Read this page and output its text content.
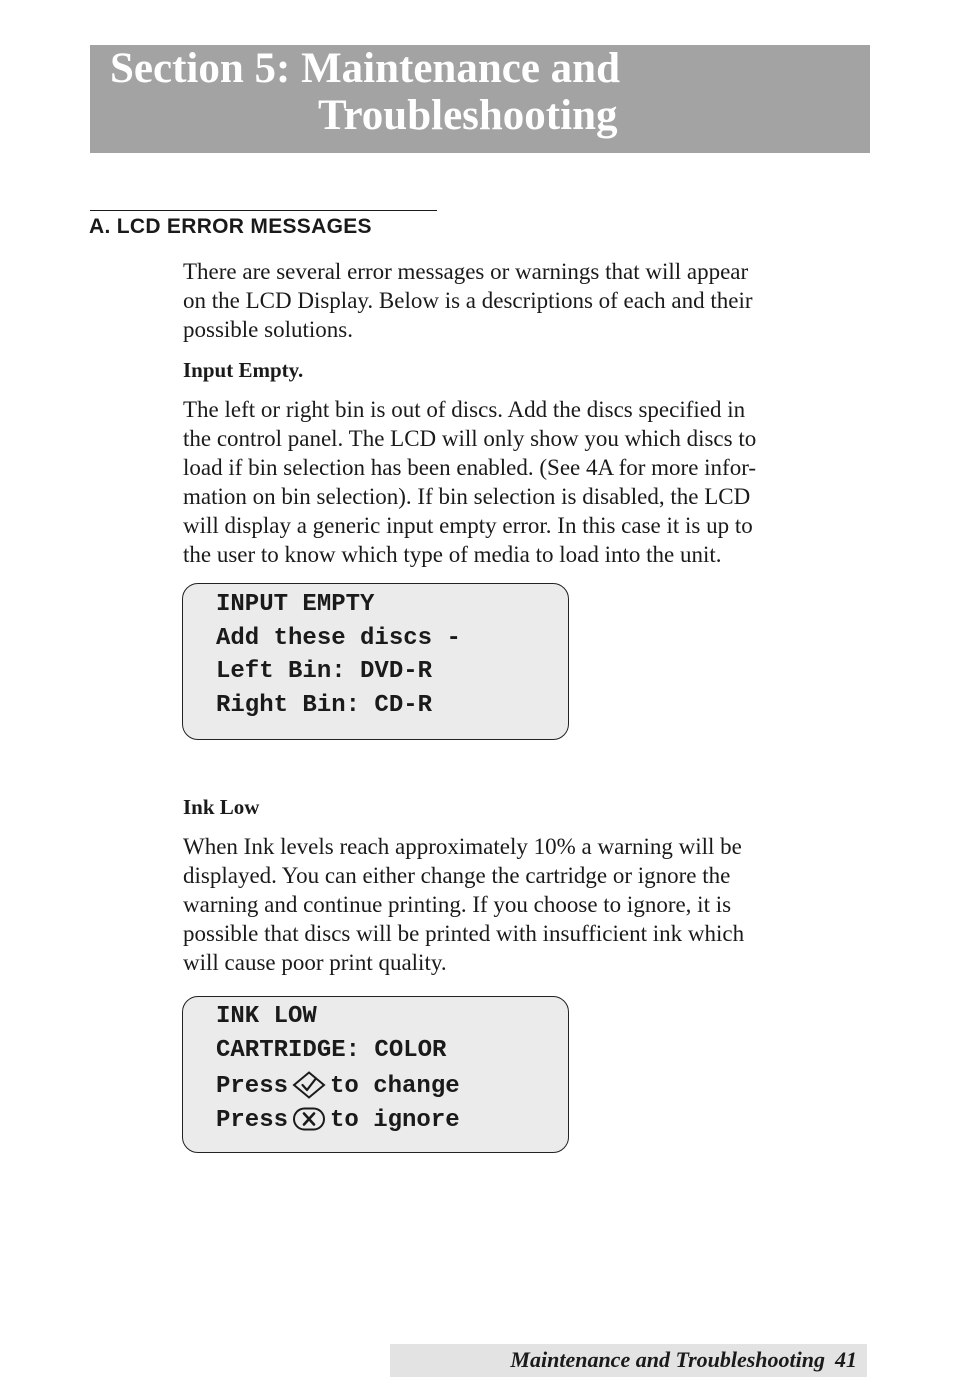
Section 5: Maintenance and
Troubleshooting
A. LCD ERROR MESSAGES
There are several error messages or warnings that will appear
on the LCD Display. Below is a descriptions of each and their
possible solutions.
Input Empty.
The left or right bin is out of discs. Add the discs specified in
the control panel. The LCD will only show you which discs to
load if bin selection has been enabled. (See 4A for more infor-
mation on bin selection). If bin selection is disabled, the LCD
will display a generic input empty error. In this case it is up to
the user to know which type of media to load into the unit.
INPUT EMPTY
Add these discs -
Left Bin: DVD-R
Right Bin: CD-R
Ink Low
When Ink levels reach approximately 10% a warning will be
displayed. You can either change the cartridge or ignore the
warning and continue printing. If you choose to ignore, it is
possible that discs will be printed with insufficient ink which
will cause poor print quality.
INK LOW
CARTRIDGE: COLOR
Press to change
Press to ignore
Maintenance and Troubleshooting 41
